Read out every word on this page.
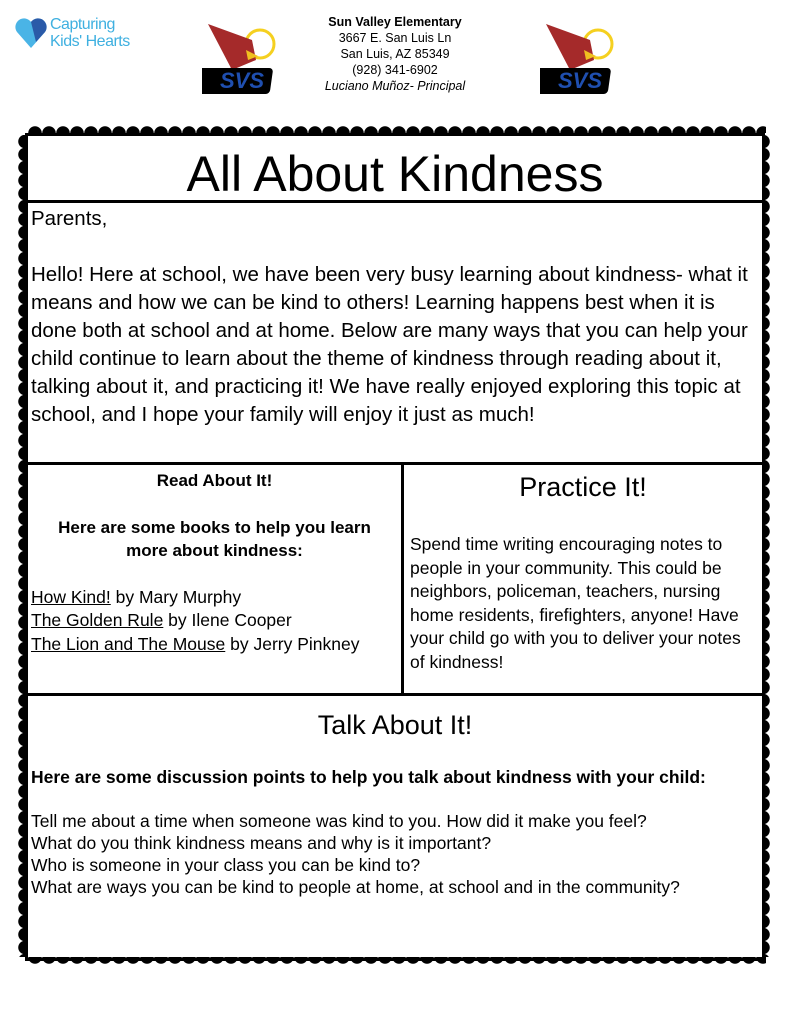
Capturing
Kids' Hearts
SVS	SVS
Sun Valley Elementary
3667 E. San Luis Ln
San Luis, AZ 85349
(928) 341-6902
Luciano Muñoz- Principal
All About Kindness
Parents,
Hello! Here at school, we have been very busy learning about kindness- what it means and how we can be kind to others! Learning happens best when it is done both at school and at home. Below are many ways that you can help your child continue to learn about the theme of kindness through reading about it, talking about it, and practicing it! We have really enjoyed exploring this topic at school, and I hope your family will enjoy it just as much!
Read About It!
Here are some books to help you learn more about kindness:
How Kind! by Mary Murphy
The Golden Rule by Ilene Cooper
The Lion and The Mouse by Jerry Pinkney
Practice It!
Spend time writing encouraging notes to people in your community. This could be neighbors, policeman, teachers, nursing home residents, firefighters, anyone! Have your child go with you to deliver your notes of kindness!
Talk About It!
Here are some discussion points to help you talk about kindness with your child:
Tell me about a time when someone was kind to you. How did it make you feel?
What do you think kindness means and why is it important?
Who is someone in your class you can be kind to?
What are ways you can be kind to people at home, at school and in the community?
